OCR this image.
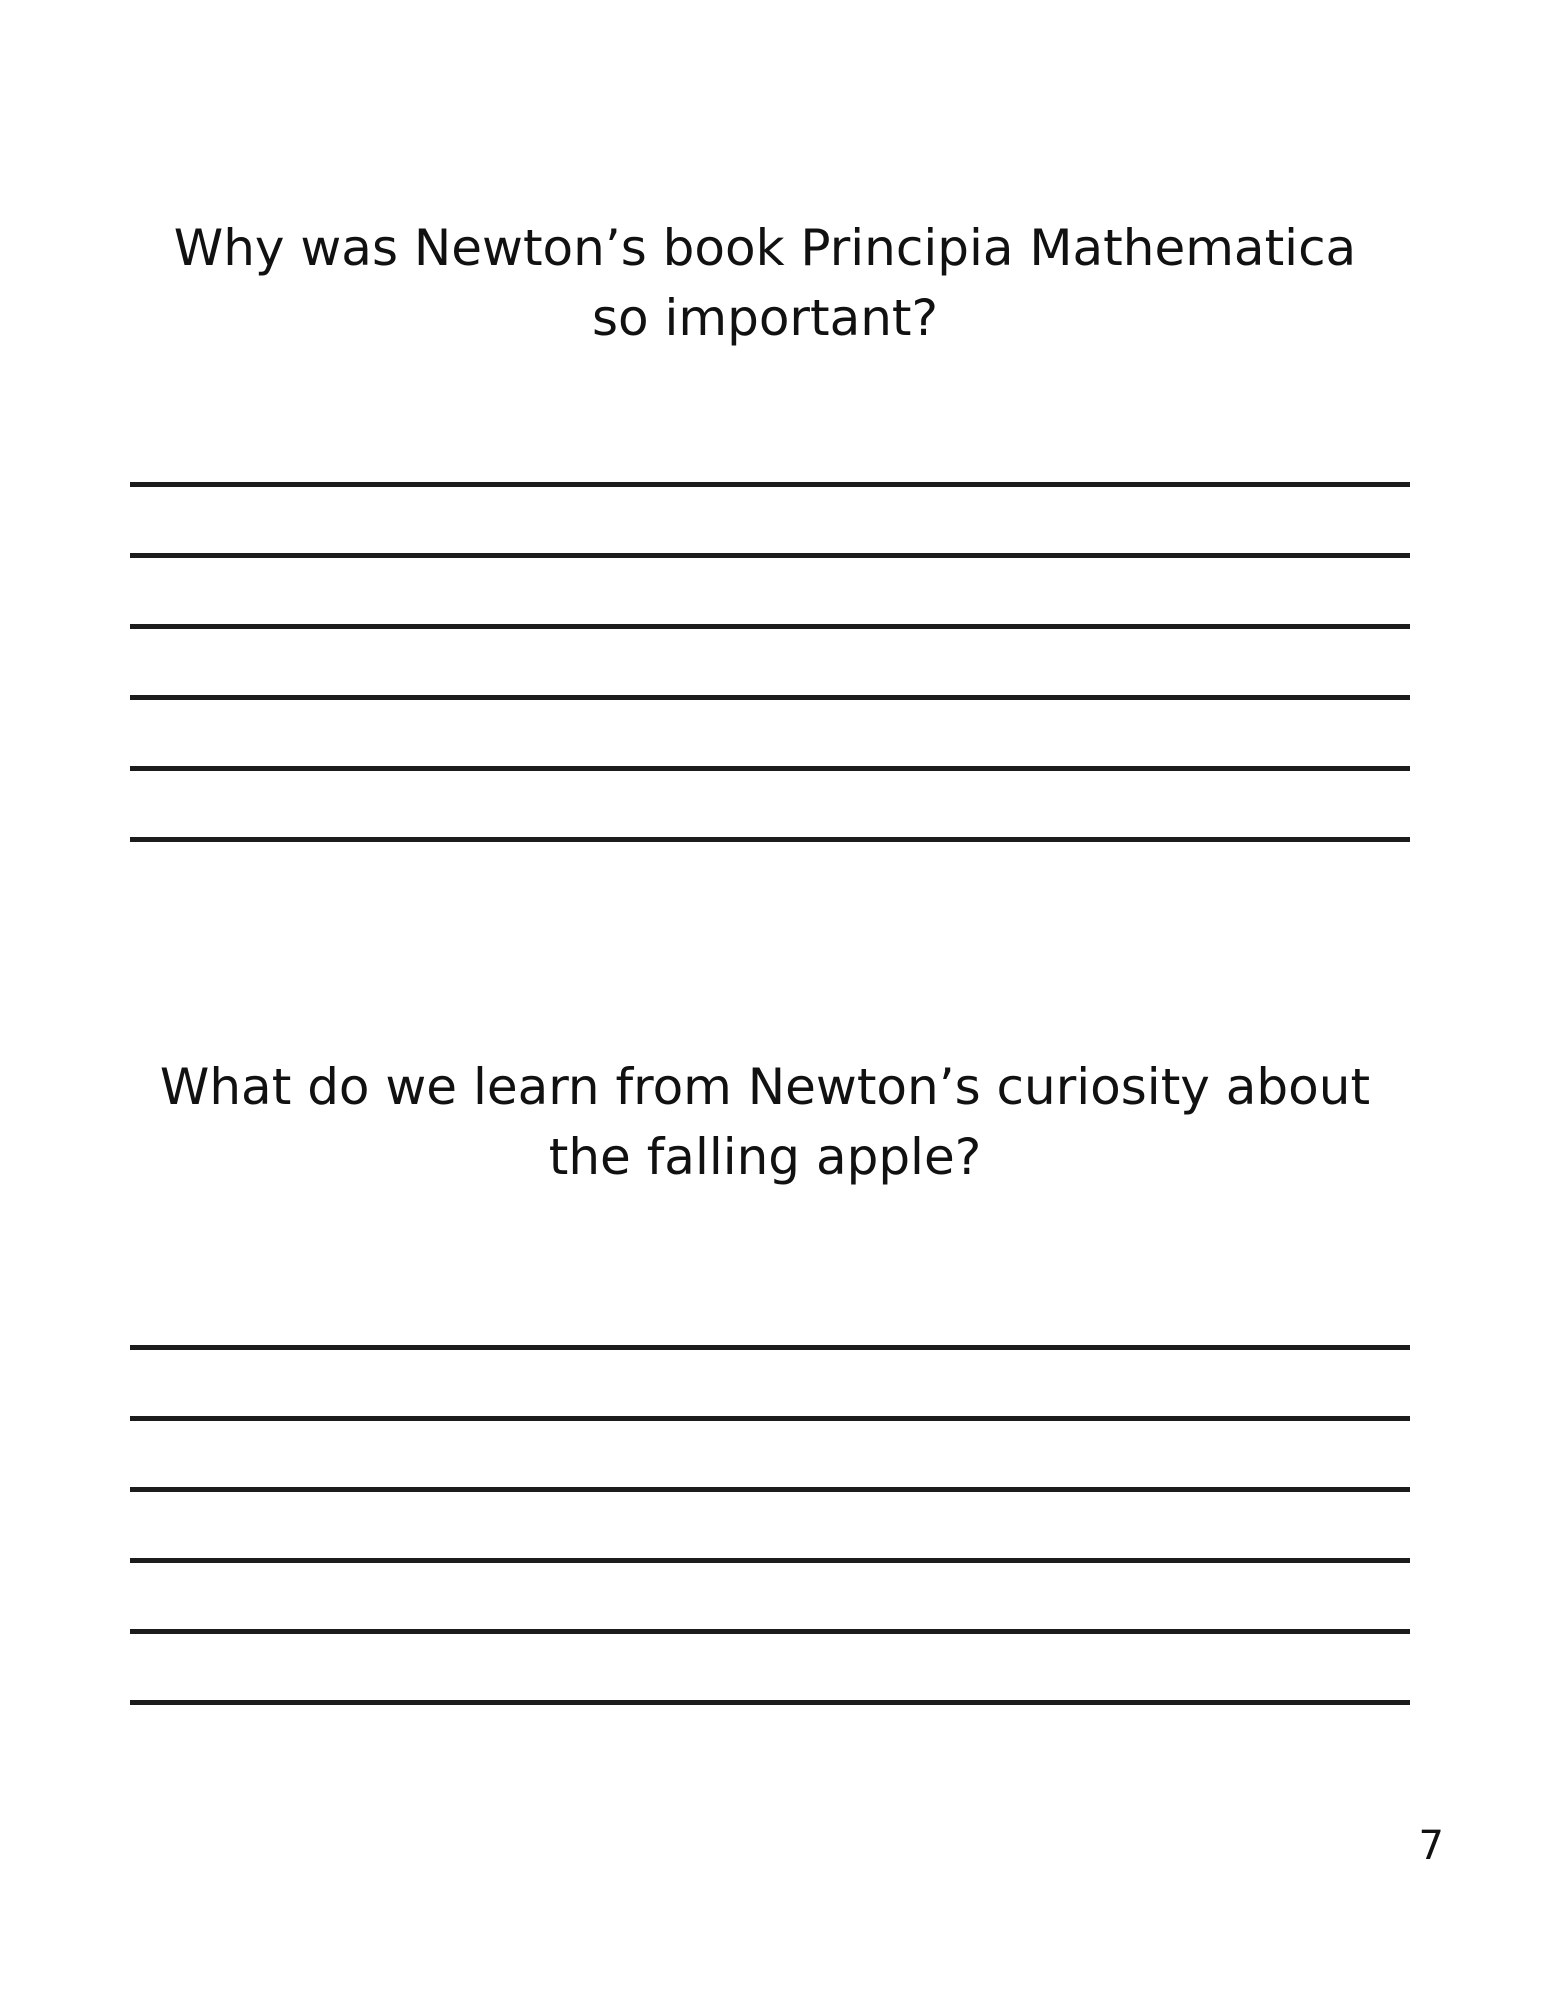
Why was Newton’s book Principia Mathematica so important?

What do we learn from Newton’s curiosity about the falling apple?

7
